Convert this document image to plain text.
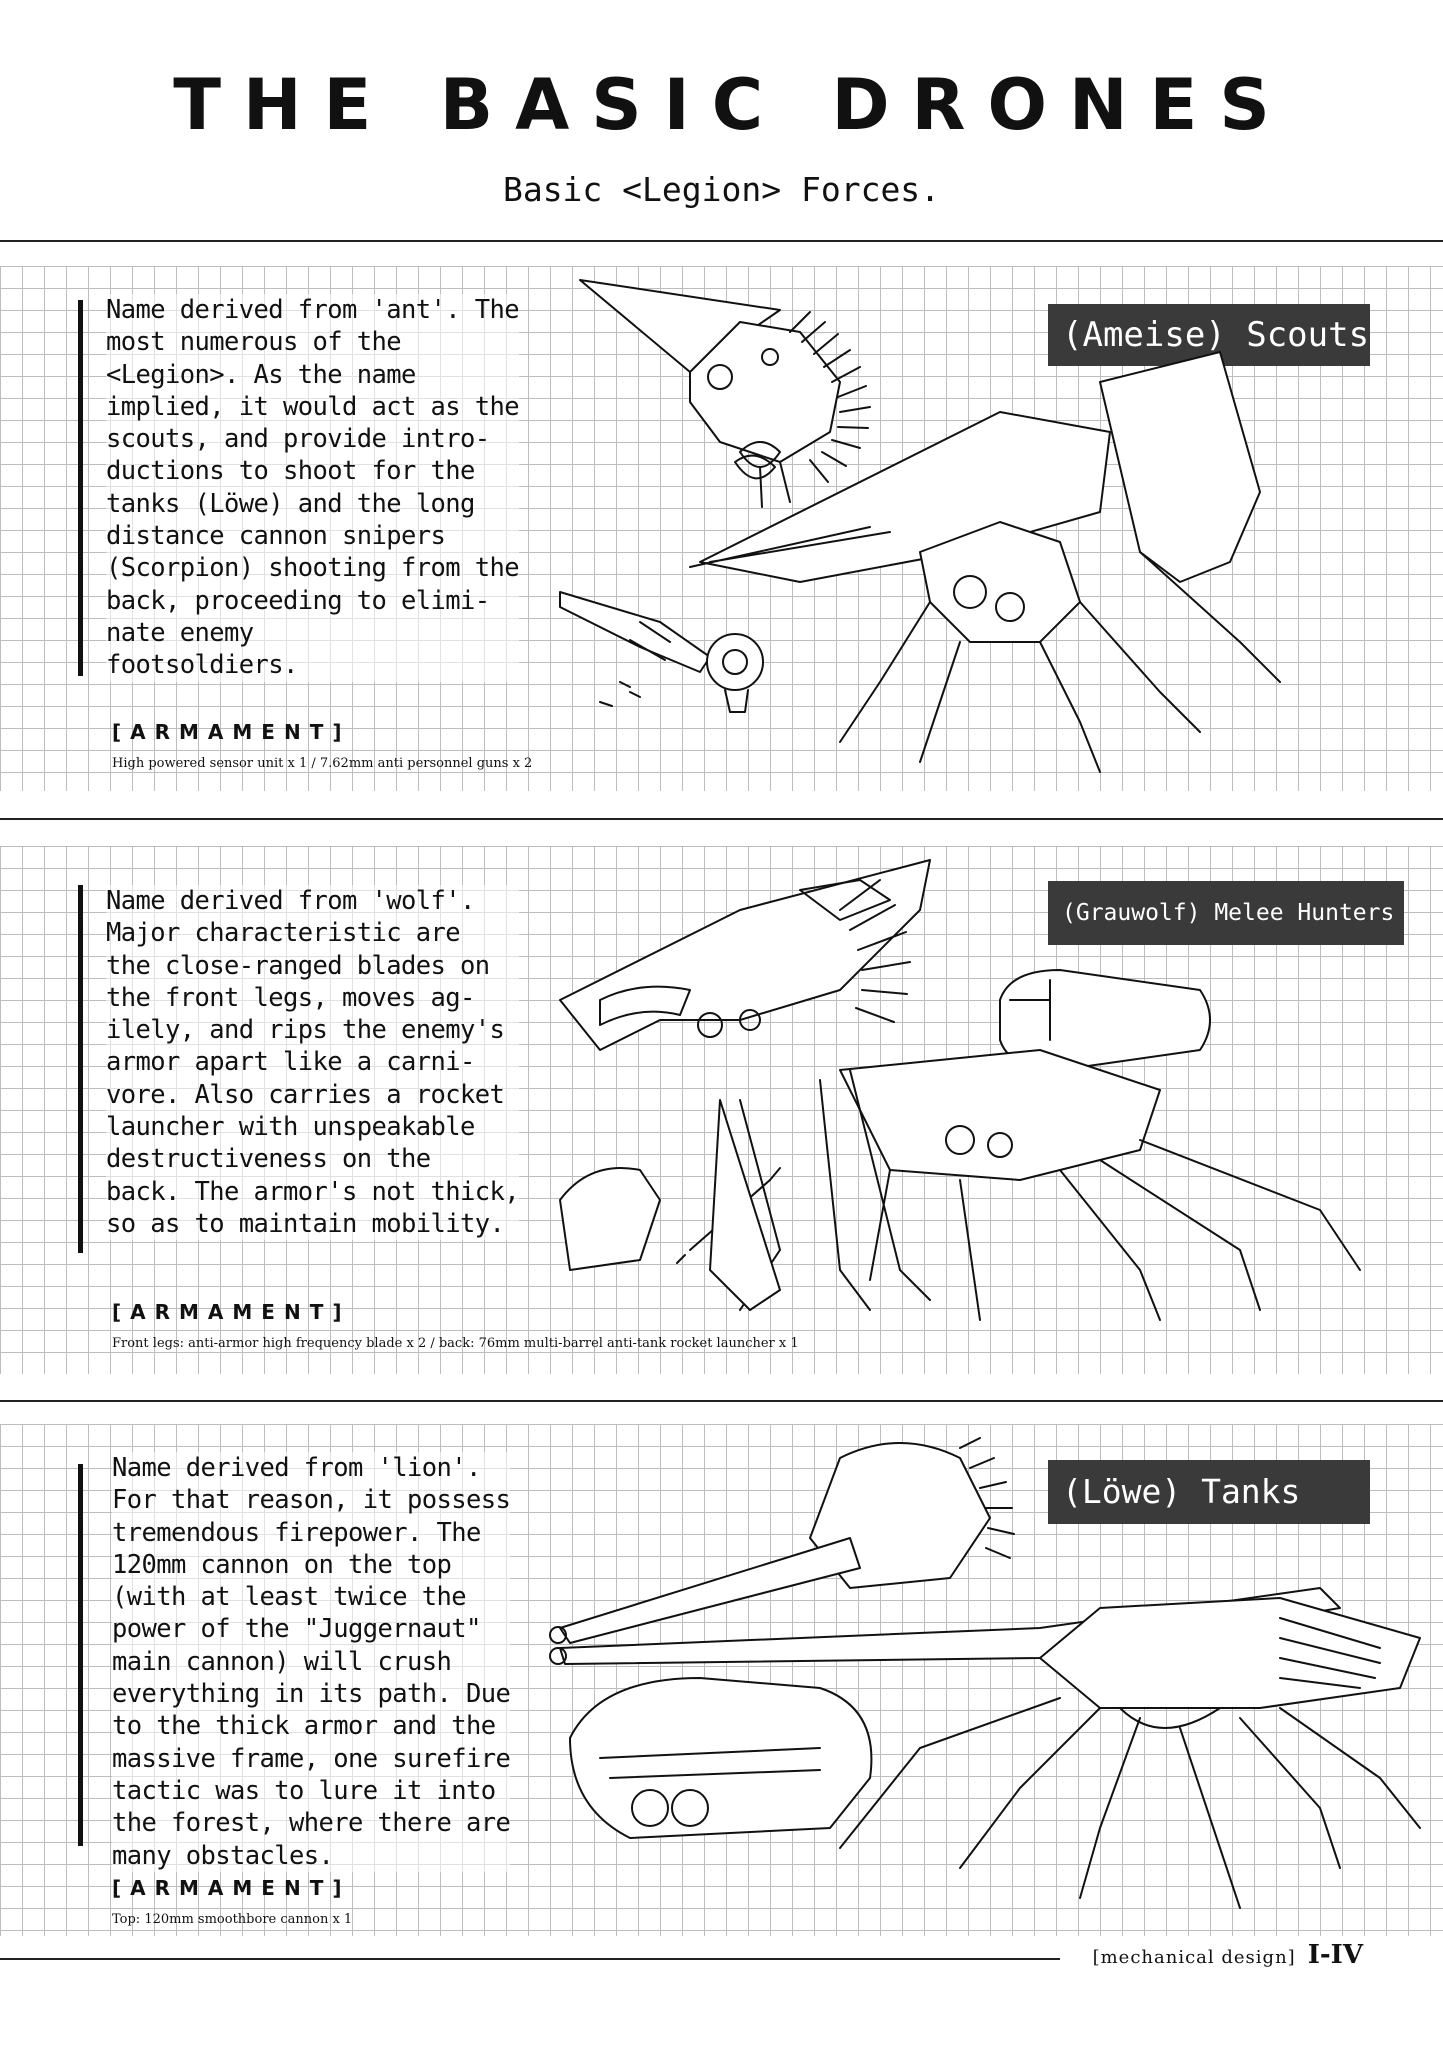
THE BASIC DRONES
Basic <Legion> Forces.
Name derived from 'ant'. The
most numerous of the
<Legion>. As the name
implied, it would act as the
scouts, and provide intro-
ductions to shoot for the
tanks (Löwe) and the long
distance cannon snipers
(Scorpion) shooting from the
back, proceeding to elimi-
nate enemy
footsoldiers.
(Ameise) Scouts
[ARMAMENT]
High powered sensor unit x 1 / 7.62mm anti personnel guns x 2
Name derived from 'wolf'.
Major characteristic are
the close-ranged blades on
the front legs, moves ag-
ilely, and rips the enemy's
armor apart like a carni-
vore. Also carries a rocket
launcher with unspeakable
destructiveness on the
back. The armor's not thick,
so as to maintain mobility.
(Grauwolf) Melee Hunters
[ARMAMENT]
Front legs: anti-armor high frequency blade x 2 / back: 76mm multi-barrel anti-tank rocket launcher x 1
Name derived from 'lion'.
For that reason, it possess
tremendous firepower. The
120mm cannon on the top
(with at least twice the
power of the "Juggernaut"
main cannon) will crush
everything in its path. Due
to the thick armor and the
massive frame, one surefire
tactic was to lure it into
the forest, where there are
many obstacles.
(Löwe) Tanks
[ARMAMENT]
Top: 120mm smoothbore cannon x 1
[mechanical design] I-IV
